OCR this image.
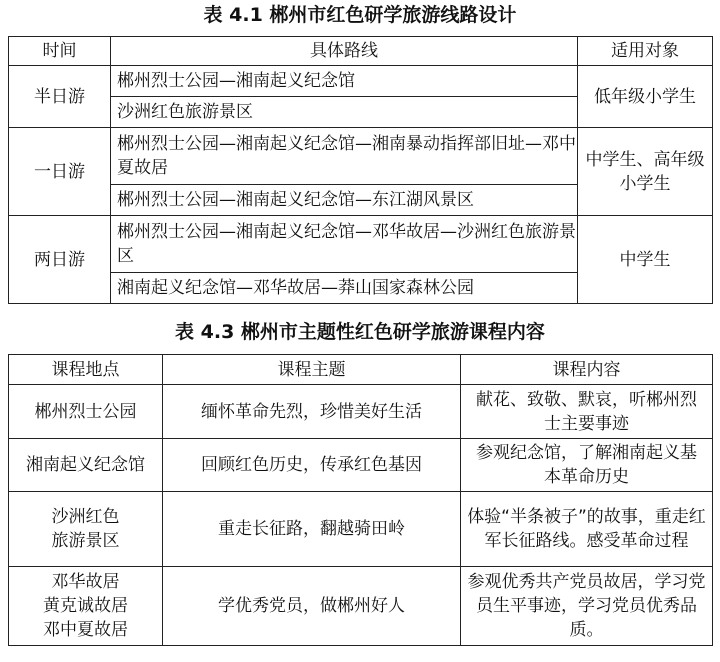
表 4.1 郴州市红色研学旅游线路设计
时间	具体路线	适用对象
半日游	郴州烈士公园—湘南起义纪念馆	低年级小学生
	沙洲红色旅游景区	
一日游	郴州烈士公园—湘南起义纪念馆—湘南暴动指挥部旧址—邓中夏故居	中学生、高年级小学生
	郴州烈士公园—湘南起义纪念馆—东江湖风景区	
两日游	郴州烈士公园—湘南起义纪念馆—邓华故居—沙洲红色旅游景区	中学生
	湘南起义纪念馆—邓华故居—莽山国家森林公园	
表 4.3 郴州市主题性红色研学旅游课程内容
课程地点	课程主题	课程内容
郴州烈士公园	缅怀革命先烈，珍惜美好生活	献花、致敬、默哀，听郴州烈士主要事迹
湘南起义纪念馆	回顾红色历史，传承红色基因	参观纪念馆，了解湘南起义基本革命历史
沙洲红色
旅游景区	重走长征路，翻越骑田岭	体验“半条被子”的故事，重走红军长征路线。感受革命过程
邓华故居
黄克诚故居
邓中夏故居	学优秀党员，做郴州好人	参观优秀共产党员故居，学习党员生平事迹，学习党员优秀品质。
